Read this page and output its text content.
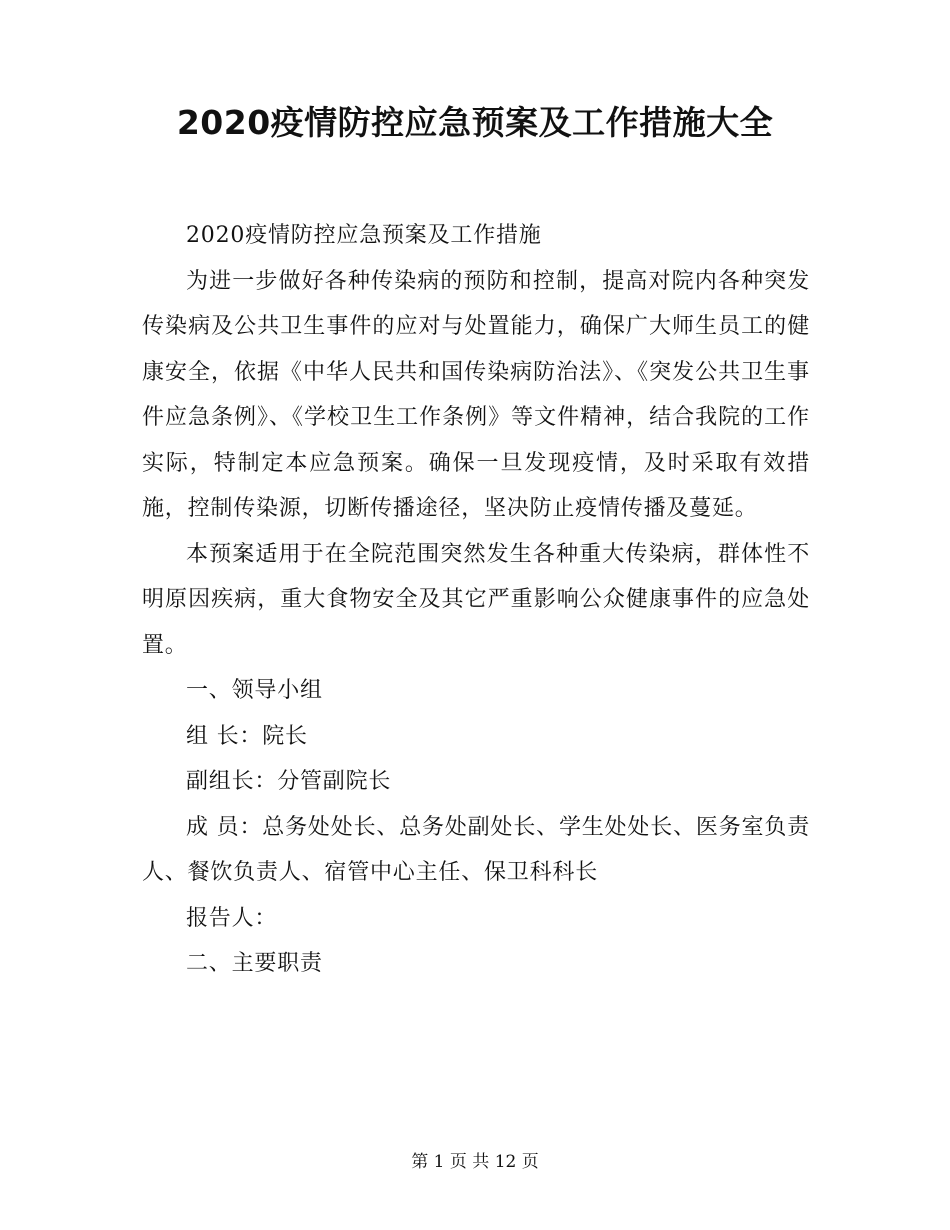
2020疫情防控应急预案及工作措施大全

2020疫情防控应急预案及工作措施

为进一步做好各种传染病的预防和控制，提高对院内各种突发传染病及公共卫生事件的应对与处置能力，确保广大师生员工的健康安全，依据《中华人民共和国传染病防治法》、《突发公共卫生事件应急条例》、《学校卫生工作条例》等文件精神，结合我院的工作实际，特制定本应急预案。确保一旦发现疫情，及时采取有效措施，控制传染源，切断传播途径，坚决防止疫情传播及蔓延。

本预案适用于在全院范围突然发生各种重大传染病，群体性不明原因疾病，重大食物安全及其它严重影响公众健康事件的应急处置。

一、领导小组

组 长：院长

副组长：分管副院长

成 员：总务处处长、总务处副处长、学生处处长、医务室负责人、餐饮负责人、宿管中心主任、保卫科科长

报告人：

二、主要职责

第 1 页 共 12 页
